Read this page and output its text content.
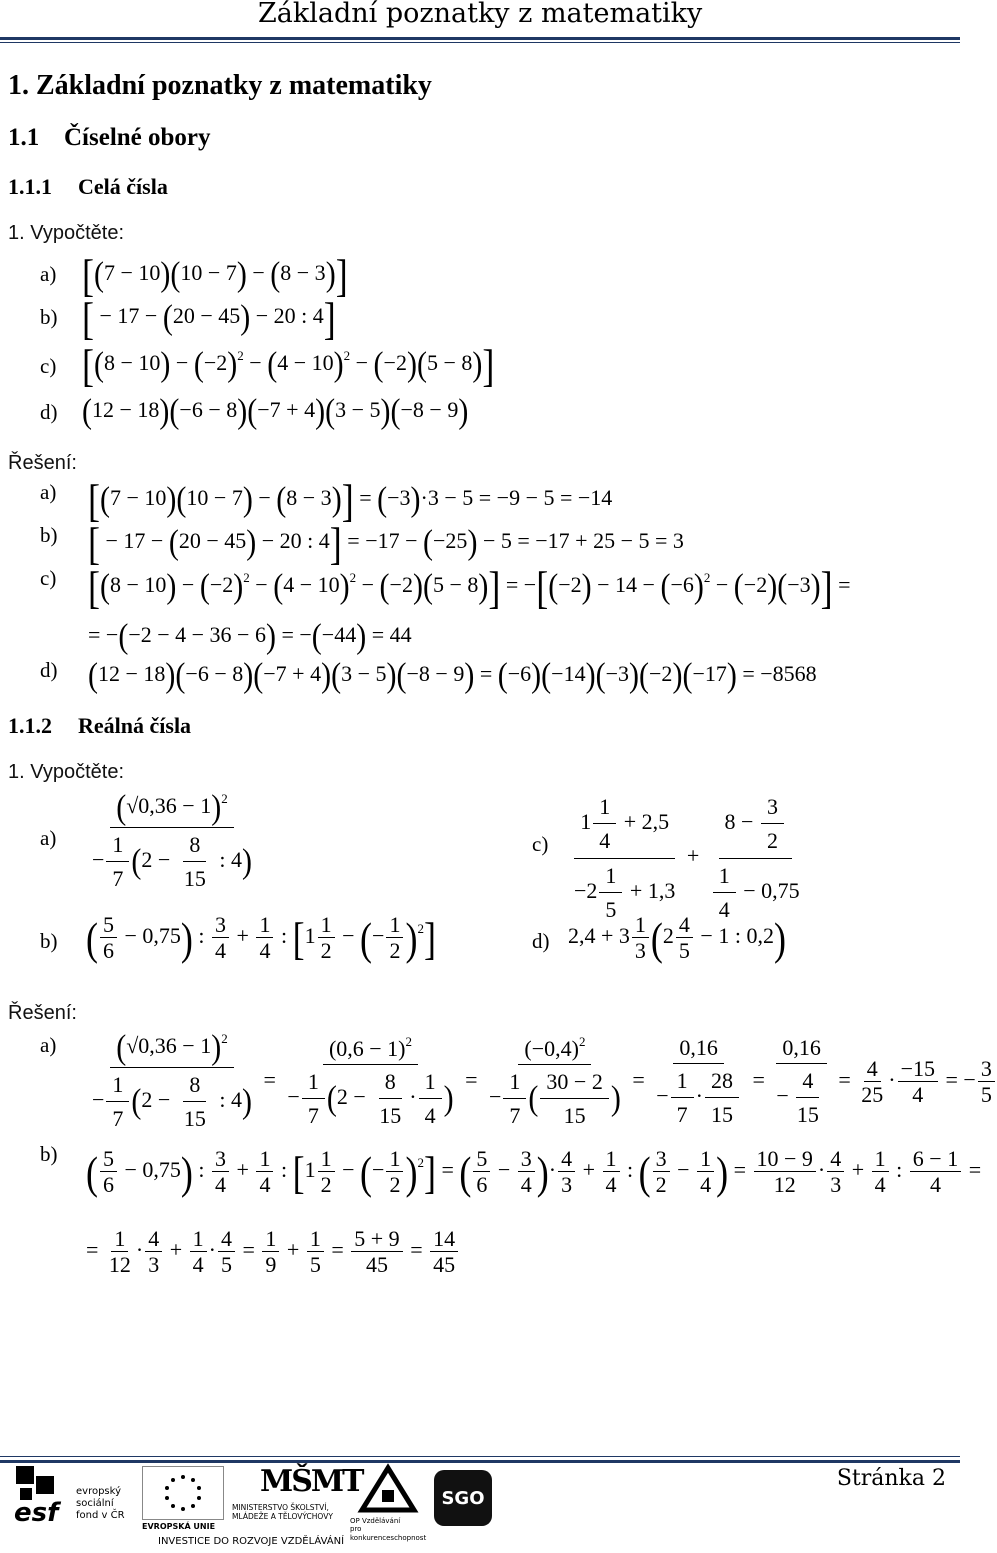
Základní poznatky z matematiky
1. Základní poznatky z matematiky
1.1 Číselné obory
1.1.1 Celá čísla
1. Vypočtěte:
a) [(7 − 10)(10 − 7) − (8 − 3)]
b) [ − 17 − (20 − 45) − 20 : 4]
c) $[(8 - 10) - (-2)^2 - (4 - 10)^2 - (-2)(5 - 8)]$
d) (12 − 18)(−6 − 8)(−7 + 4)(3 − 5)(−8 − 9)
Řešení:
a) [(7 − 10)(10 − 7) − (8 − 3)] = (−3)·3 − 5 = −9 − 5 = −14
b) [ − 17 − (20 − 45) − 20 : 4] = −17 − (−25) − 5 = −17 + 25 − 5 = 3
c) $[(8 - 10) - (-2)^2 - (4 - 10)^2 - (-2)(5 - 8)] = -[(-2) - 14 - (-6)^2 - (-2)(-3)]$ =
= −(−2 − 4 − 36 − 6) = −(−44) = 44
d) (12 − 18)(−6 − 8)(−7 + 4)(3 − 5)(−8 − 9) = (−6)(−14)(−3)(−2)(−17) = −8568
1.1.2 Reálná čísla
1. Vypočtěte:
$a) \frac{(√0,36 - 1)^2}{- \frac{1}{7} (2 - \frac{8}{15} : 4)}$	$c) \frac{1 \frac{1}{4} + 2,5}{-2 \frac{1}{5} + 1,3} + \frac{8 - \frac{3}{2}}{\frac{1}{4} - 0,75}$
b) ( $\frac{5}{6} - 0,75$) : $\frac{3}{4} + \frac{1}{4}$ : [$1 \frac{1}{2}$ − (− $\frac{1}{2} )^2$]	d) $2,4 + 3 \frac{1}{3} (2 \frac{4}{5} - 1$ : 0,2)
Řešení:
$a) \frac{(√0,36 - 1)^2}{- \frac{1}{7} (2 - \frac{8}{15} : 4)} = \frac{(0,6 - 1)^2}{- \frac{1}{7} (2 - \frac{8}{15} \cdot \frac{1}{4} )} = \frac{(-0,4)^2}{- \frac{1}{7} ( \frac{30 - 2}{15} )} = \frac{0,16}{- \frac{1}{7} \cdot \frac{28}{15}} = \frac{0,16}{- \frac{4}{15}} = \frac{4}{25} \cdot \frac{-15}{4}$ = − $\frac{3}{5}$
b) ( $\frac{5}{6} - 0,75$) : $\frac{3}{4} + \frac{1}{4}$ : [$1 \frac{1}{2}$ − (− $\frac{1}{2} )^2$] = ( $\frac{5}{6} - \frac{3}{4}$ )· $\frac{4}{3} + \frac{1}{4}$ : ( $\frac{3}{2} - \frac{1}{4}$ ) = $\frac{10 - 9}{12} \cdot \frac{4}{3} + \frac{1}{4}$ : $\frac{6 - 1}{4}$ =
= $\frac{1}{12} \cdot \frac{4}{3} + \frac{1}{4} \cdot \frac{4}{5} = \frac{1}{9} + \frac{1}{5} = \frac{5 + 9}{45} = \frac{14}{45}$
esf
evropský
sociální
fond v ČR
EVROPSKÁ UNIE
MŠMT
MINISTERSTVO ŠKOLSTVÍ,
MLÁDEŽE A TĚLOVÝCHOVY	OP Vzdělávání
pro konkurenceschopnost
SGO
INVESTICE DO ROZVOJE VZDĚLÁVÁNÍ
Stránka 2
